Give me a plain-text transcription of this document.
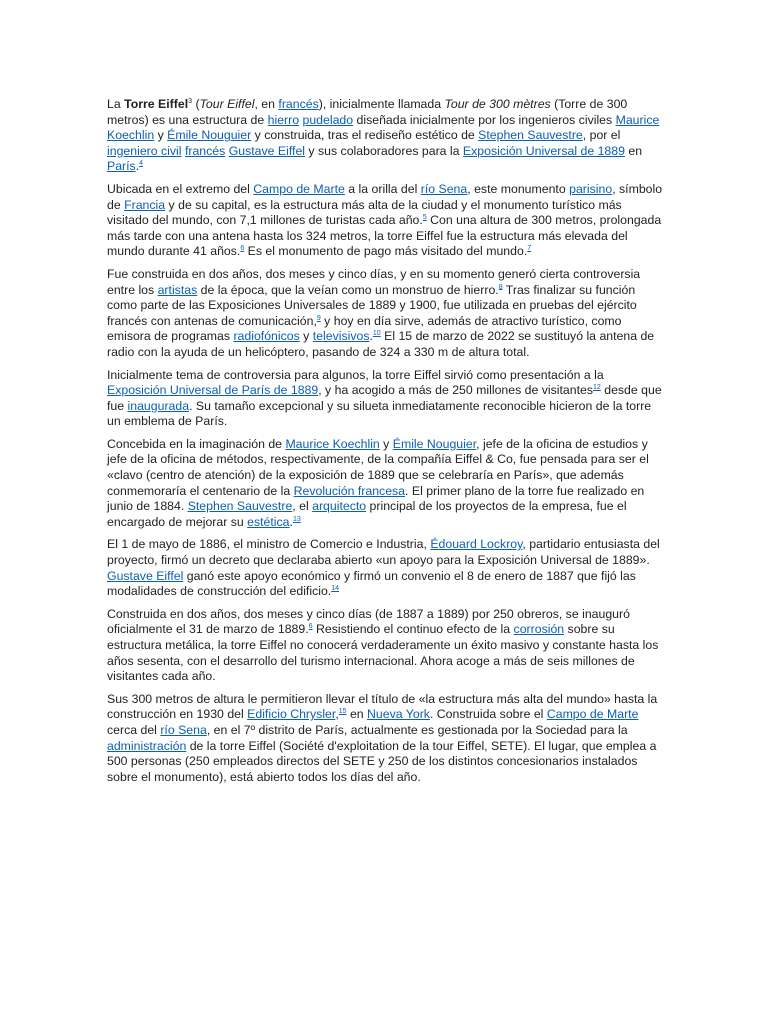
La Torre Eiffel$^3$ (Tour Eiffel, en francés), inicialmente llamada Tour de 300 mètres (Torre de 300 metros) es una estructura de hierro pudelado diseñada inicialmente por los ingenieros civiles Maurice Koechlin y Émile Nouguier y construida, tras el rediseño estético de Stephen Sauvestre, por el ingeniero civil francés Gustave Eiffel y sus colaboradores para la Exposición Universal de 1889 en París.$^4$

Ubicada en el extremo del Campo de Marte a la orilla del río Sena, este monumento parisino, símbolo de Francia y de su capital, es la estructura más alta de la ciudad y el monumento turístico más visitado del mundo, con 7,1 millones de turistas cada año.$^5$ Con una altura de 300 metros, prolongada más tarde con una antena hasta los 324 metros, la torre Eiffel fue la estructura más elevada del mundo durante 41 años.$^6$ Es el monumento de pago más visitado del mundo.$^7$

Fue construida en dos años, dos meses y cinco días, y en su momento generó cierta controversia entre los artistas de la época, que la veían como un monstruo de hierro.$^8$ Tras finalizar su función como parte de las Exposiciones Universales de 1889 y 1900, fue utilizada en pruebas del ejército francés con antenas de comunicación,$^9$ y hoy en día sirve, además de atractivo turístico, como emisora de programas radiofónicos y televisivos.$^{10}$ El 15 de marzo de 2022 se sustituyó la antena de radio con la ayuda de un helicóptero, pasando de 324 a 330 m de altura total.

Inicialmente tema de controversia para algunos, la torre Eiffel sirvió como presentación a la Exposición Universal de París de 1889, y ha acogido a más de 250 millones de visitantes$^{12}$ desde que fue inaugurada. Su tamaño excepcional y su silueta inmediatamente reconocible hicieron de la torre un emblema de París.

Concebida en la imaginación de Maurice Koechlin y Émile Nouguier, jefe de la oficina de estudios y jefe de la oficina de métodos, respectivamente, de la compañía Eiffel & Co, fue pensada para ser el «clavo (centro de atención) de la exposición de 1889 que se celebraría en París», que además conmemoraría el centenario de la Revolución francesa. El primer plano de la torre fue realizado en junio de 1884. Stephen Sauvestre, el arquitecto principal de los proyectos de la empresa, fue el encargado de mejorar su estética.$^{13}$

El 1 de mayo de 1886, el ministro de Comercio e Industria, Édouard Lockroy, partidario entusiasta del proyecto, firmó un decreto que declaraba abierto «un apoyo para la Exposición Universal de 1889». Gustave Eiffel ganó este apoyo económico y firmó un convenio el 8 de enero de 1887 que fijó las modalidades de construcción del edificio.$^{14}$

Construida en dos años, dos meses y cinco días (de 1887 a 1889) por 250 obreros, se inauguró oficialmente el 31 de marzo de 1889.$^6$ Resistiendo el continuo efecto de la corrosión sobre su estructura metálica, la torre Eiffel no conocerá verdaderamente un éxito masivo y constante hasta los años sesenta, con el desarrollo del turismo internacional. Ahora acoge a más de seis millones de visitantes cada año.

Sus 300 metros de altura le permitieron llevar el título de «la estructura más alta del mundo» hasta la construcción en 1930 del Edificio Chrysler,$^{15}$ en Nueva York. Construida sobre el Campo de Marte cerca del río Sena, en el 7º distrito de París, actualmente es gestionada por la Sociedad para la administración de la torre Eiffel (Société d'exploitation de la tour Eiffel, SETE). El lugar, que emplea a 500 personas (250 empleados directos del SETE y 250 de los distintos concesionarios instalados sobre el monumento), está abierto todos los días del año.
